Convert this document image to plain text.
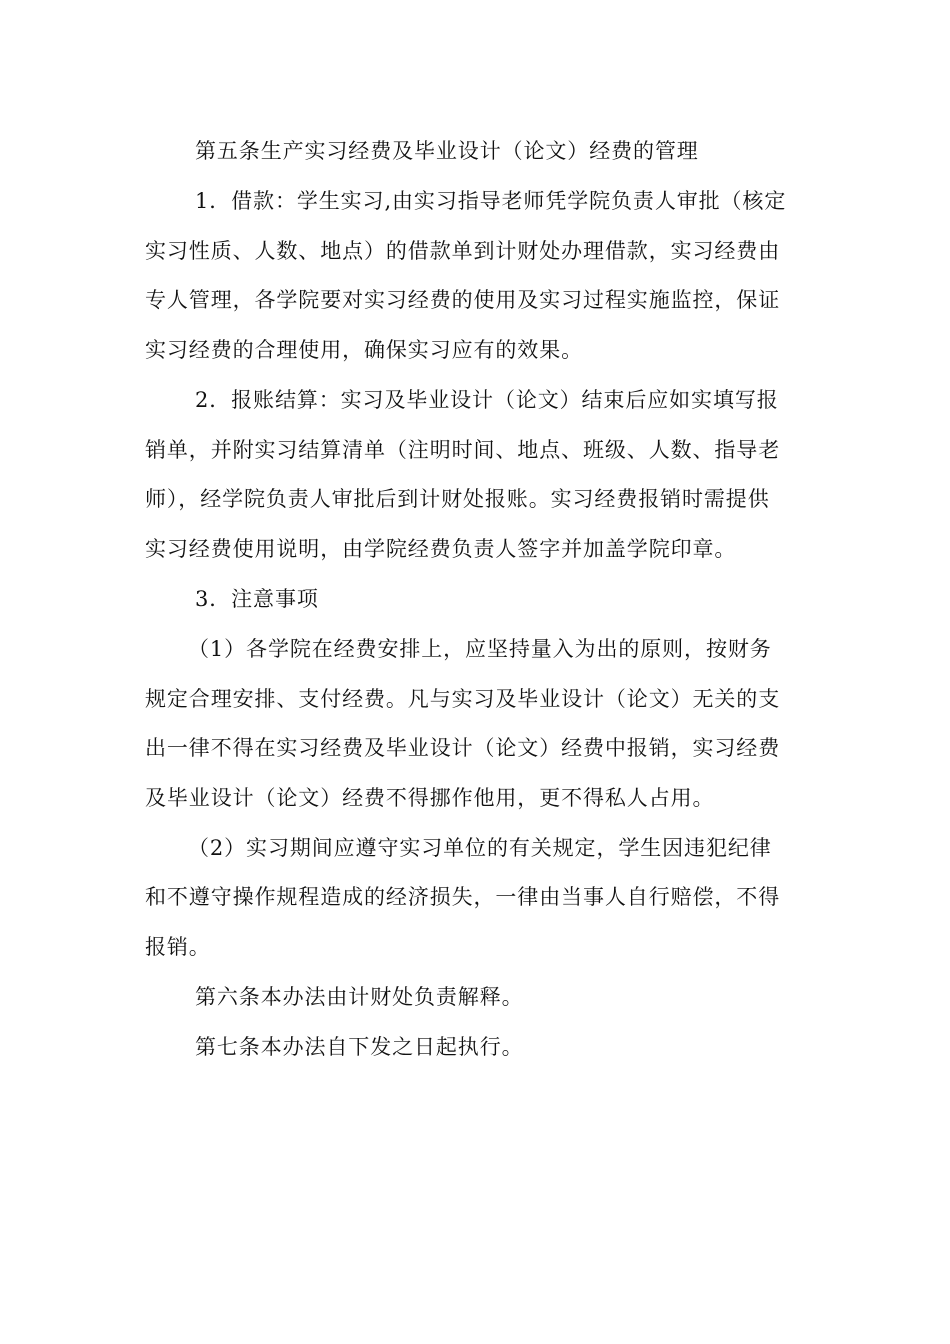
第五条生产实习经费及毕业设计（论文）经费的管理
1．借款：学生实习,由实习指导老师凭学院负责人审批（核定
实习性质、人数、地点）的借款单到计财处办理借款，实习经费由
专人管理，各学院要对实习经费的使用及实习过程实施监控，保证
实习经费的合理使用，确保实习应有的效果。
2．报账结算：实习及毕业设计（论文）结束后应如实填写报
销单，并附实习结算清单（注明时间、地点、班级、人数、指导老
师），经学院负责人审批后到计财处报账。实习经费报销时需提供
实习经费使用说明，由学院经费负责人签字并加盖学院印章。
3．注意事项
（1）各学院在经费安排上，应坚持量入为出的原则，按财务
规定合理安排、支付经费。凡与实习及毕业设计（论文）无关的支
出一律不得在实习经费及毕业设计（论文）经费中报销，实习经费
及毕业设计（论文）经费不得挪作他用，更不得私人占用。
（2）实习期间应遵守实习单位的有关规定，学生因违犯纪律
和不遵守操作规程造成的经济损失，一律由当事人自行赔偿，不得
报销。
第六条本办法由计财处负责解释。
第七条本办法自下发之日起执行。
